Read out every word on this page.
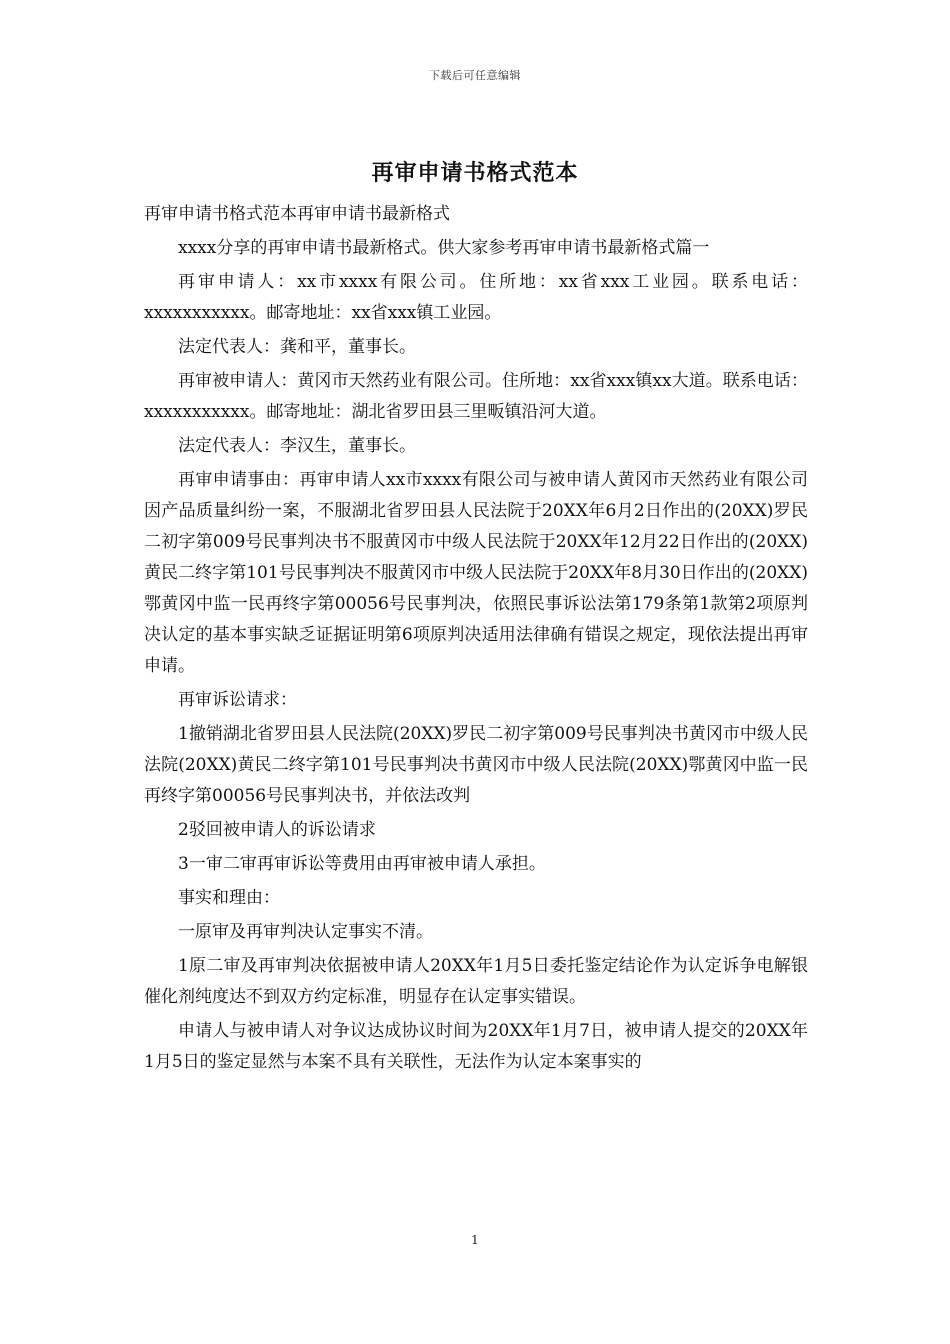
下载后可任意编辑
再审申请书格式范本

再审申请书格式范本再审申请书最新格式

xxxx分享的再审申请书最新格式。供大家参考再审申请书最新格式篇一

再审申请人：xx市xxxx有限公司。住所地：xx省xxx工业园。联系电话：xxxxxxxxxxx。邮寄地址：xx省xxx镇工业园。

法定代表人：龚和平，董事长。

再审被申请人：黄冈市天然药业有限公司。住所地：xx省xxx镇xx大道。联系电话：xxxxxxxxxxx。邮寄地址：湖北省罗田县三里畈镇沿河大道。

法定代表人：李汉生，董事长。

再审申请事由：再审申请人xx市xxxx有限公司与被申请人黄冈市天然药业有限公司因产品质量纠纷一案，不服湖北省罗田县人民法院于20XX年6月2日作出的(20XX)罗民二初字第009号民事判决书不服黄冈市中级人民法院于20XX年12月22日作出的(20XX)黄民二终字第101号民事判决不服黄冈市中级人民法院于20XX年8月30日作出的(20XX)鄂黄冈中监一民再终字第00056号民事判决，依照民事诉讼法第179条第1款第2项原判决认定的基本事实缺乏证据证明第6项原判决适用法律确有错误之规定，现依法提出再审申请。

再审诉讼请求：

1撤销湖北省罗田县人民法院(20XX)罗民二初字第009号民事判决书黄冈市中级人民法院(20XX)黄民二终字第101号民事判决书黄冈市中级人民法院(20XX)鄂黄冈中监一民再终字第00056号民事判决书，并依法改判

2驳回被申请人的诉讼请求

3一审二审再审诉讼等费用由再审被申请人承担。

事实和理由：

一原审及再审判决认定事实不清。

1原二审及再审判决依据被申请人20XX年1月5日委托鉴定结论作为认定诉争电解银催化剂纯度达不到双方约定标准，明显存在认定事实错误。

申请人与被申请人对争议达成协议时间为20XX年1月7日，被申请人提交的20XX年1月5日的鉴定显然与本案不具有关联性，无法作为认定本案事实的

1
